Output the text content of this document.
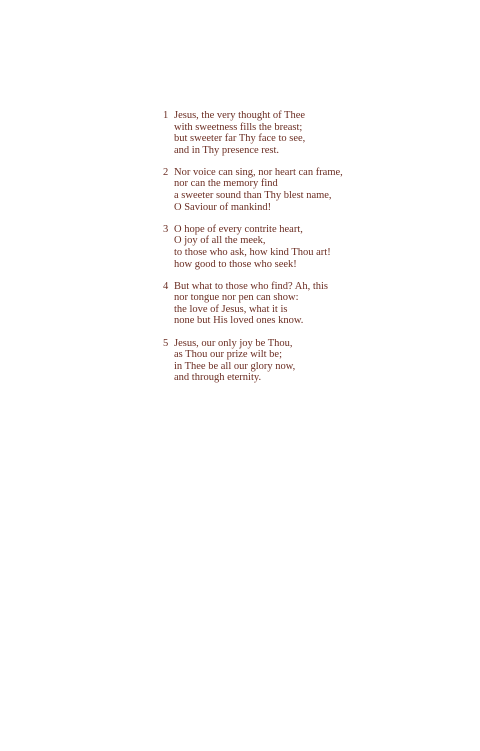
1 Jesus, the very thought of Thee
with sweetness fills the breast;
but sweeter far Thy face to see,
and in Thy presence rest.
2 Nor voice can sing, nor heart can frame,
nor can the memory find
a sweeter sound than Thy blest name,
O Saviour of mankind!
3 O hope of every contrite heart,
O joy of all the meek,
to those who ask, how kind Thou art!
how good to those who seek!
4 But what to those who find? Ah, this
nor tongue nor pen can show:
the love of Jesus, what it is
none but His loved ones know.
5 Jesus, our only joy be Thou,
as Thou our prize wilt be;
in Thee be all our glory now,
and through eternity.
